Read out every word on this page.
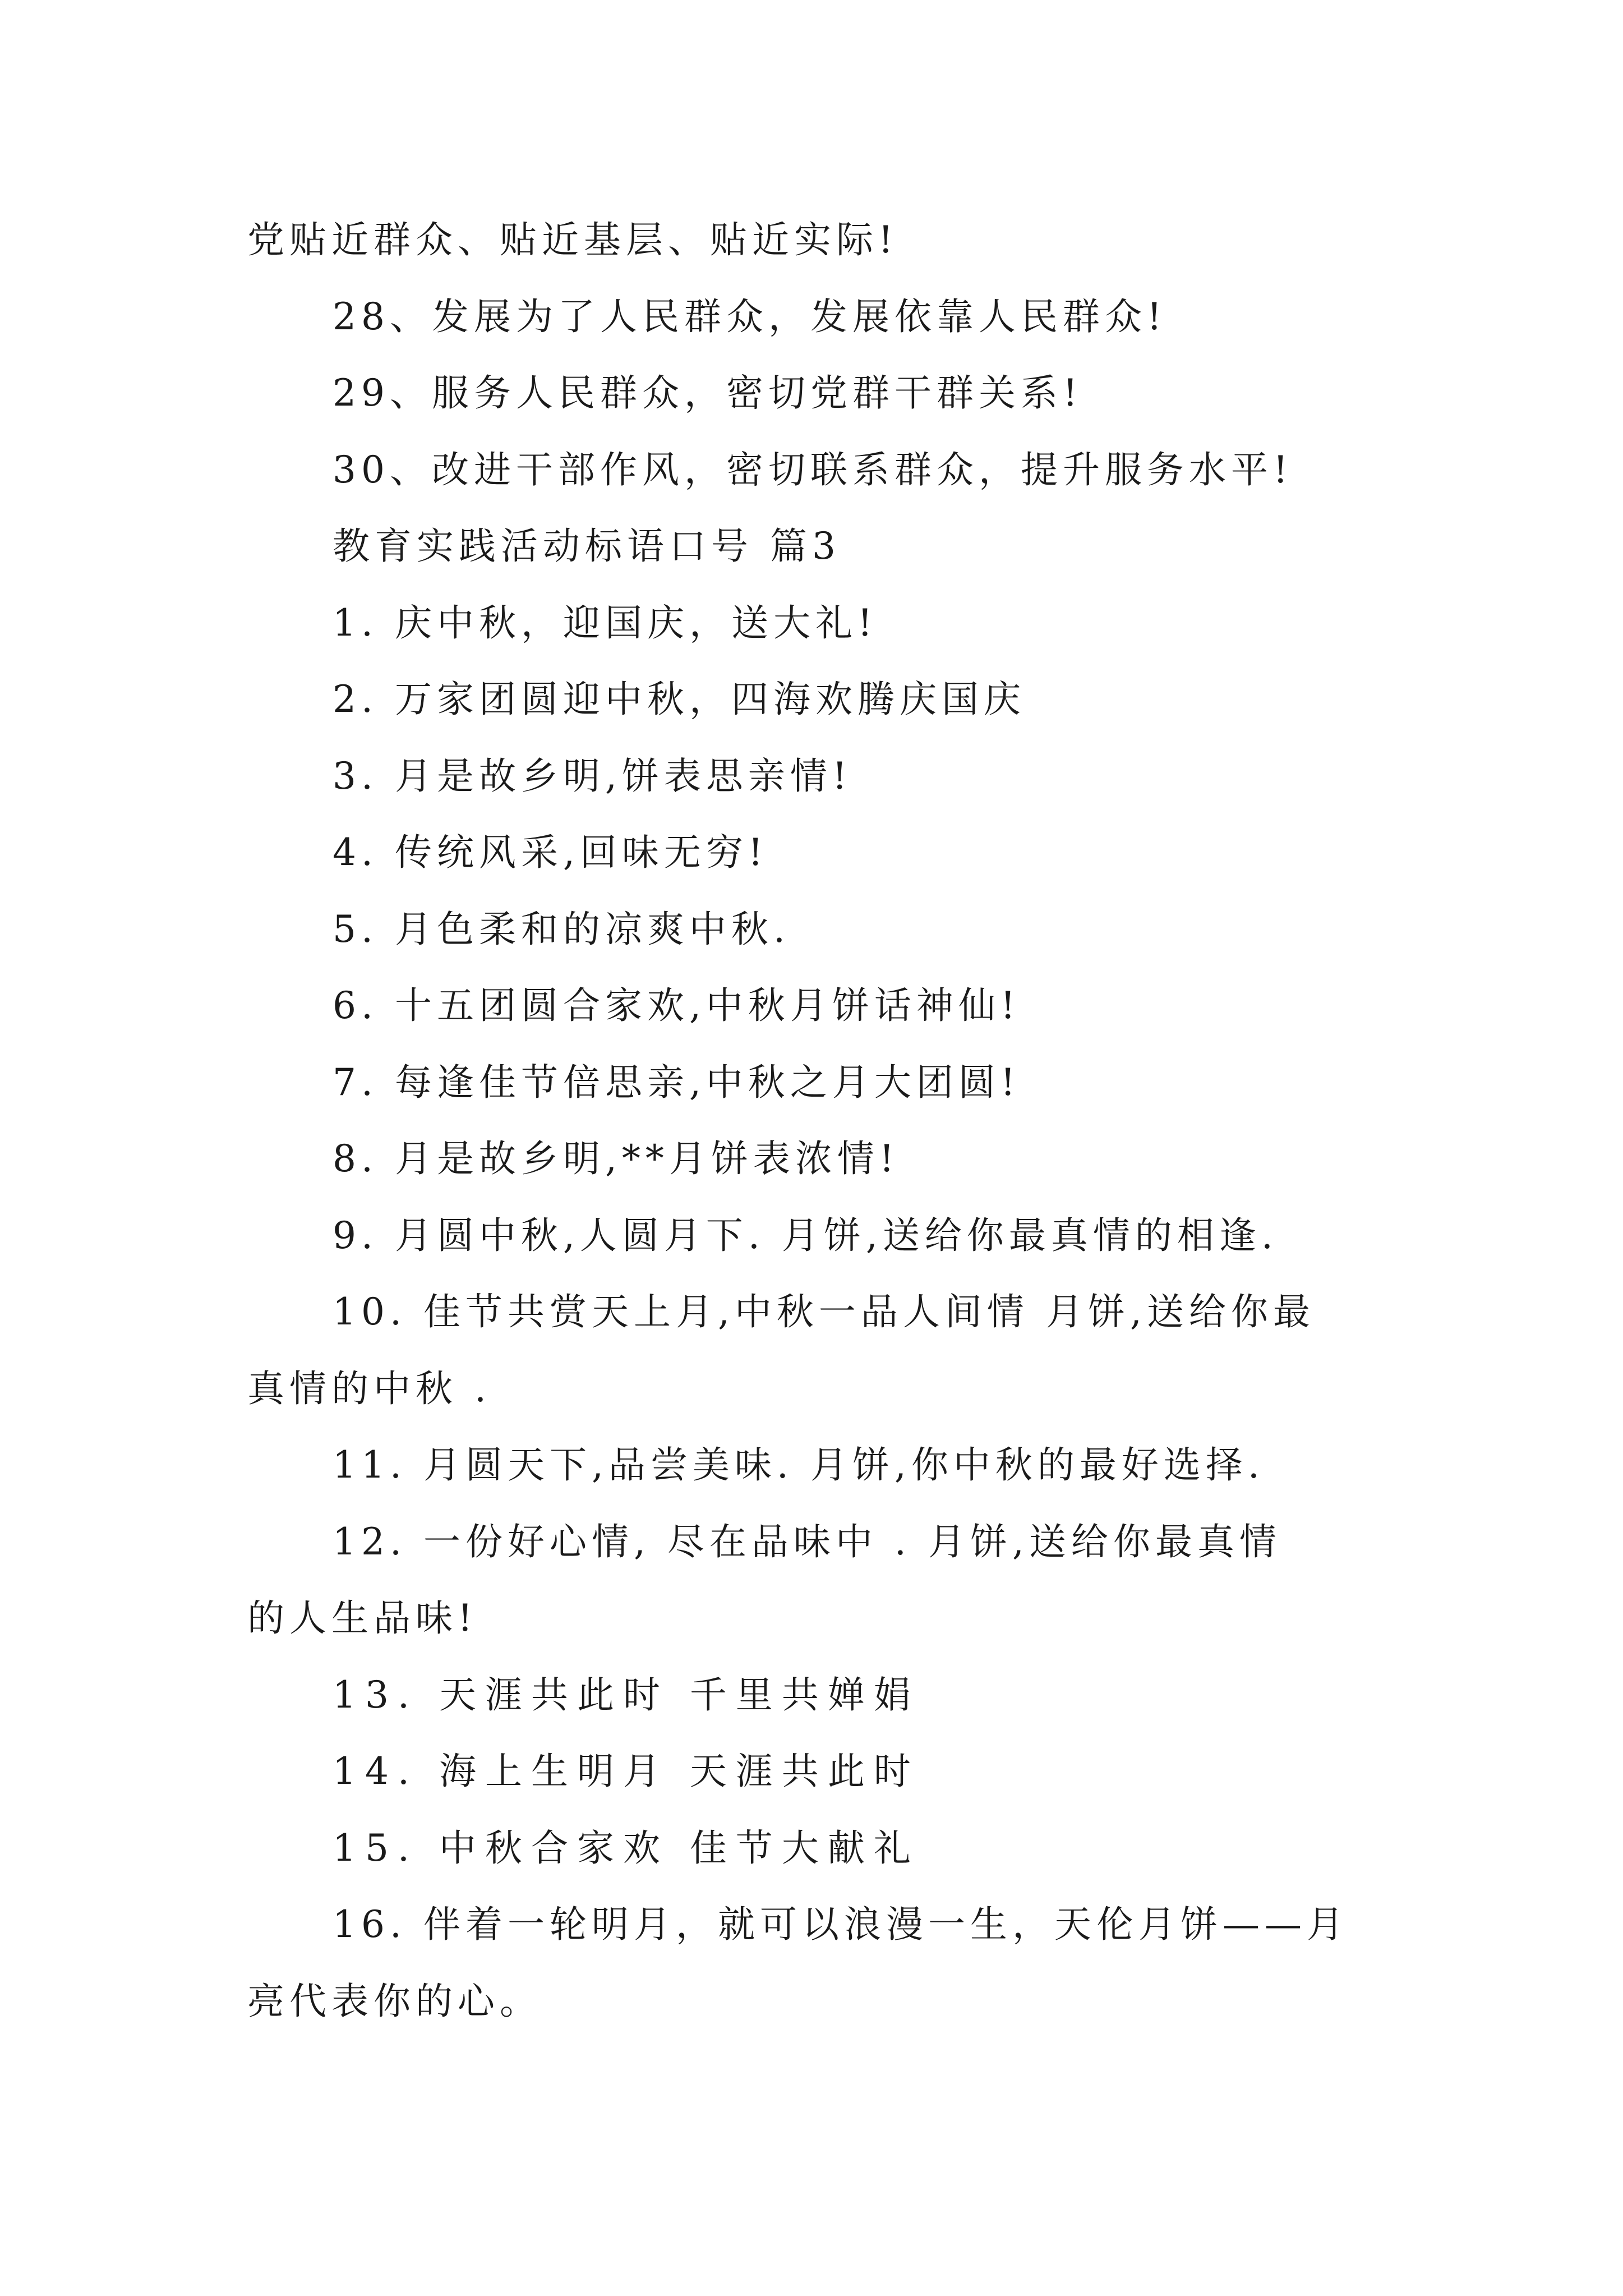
党贴近群众、贴近基层、贴近实际!
28、发展为了人民群众，发展依靠人民群众!
29、服务人民群众，密切党群干群关系!
30、改进干部作风，密切联系群众，提升服务水平!
教育实践活动标语口号 篇3
1. 庆中秋，迎国庆，送大礼!
2. 万家团圆迎中秋，四海欢腾庆国庆
3. 月是故乡明,饼表思亲情!
4. 传统风采,回味无穷!
5. 月色柔和的凉爽中秋.
6. 十五团圆合家欢,中秋月饼话神仙!
7. 每逢佳节倍思亲,中秋之月大团圆!
8. 月是故乡明,**月饼表浓情!
9. 月圆中秋,人圆月下. 月饼,送给你最真情的相逢.
10. 佳节共赏天上月,中秋一品人间情 月饼,送给你最
真情的中秋 .
11. 月圆天下,品尝美味. 月饼,你中秋的最好选择.
12. 一份好心情, 尽在品味中 . 月饼,送给你最真情
的人生品味!
13. 天涯共此时 千里共婵娟
14. 海上生明月 天涯共此时
15. 中秋合家欢 佳节大献礼
16. 伴着一轮明月，就可以浪漫一生，天伦月饼——月
亮代表你的心。
